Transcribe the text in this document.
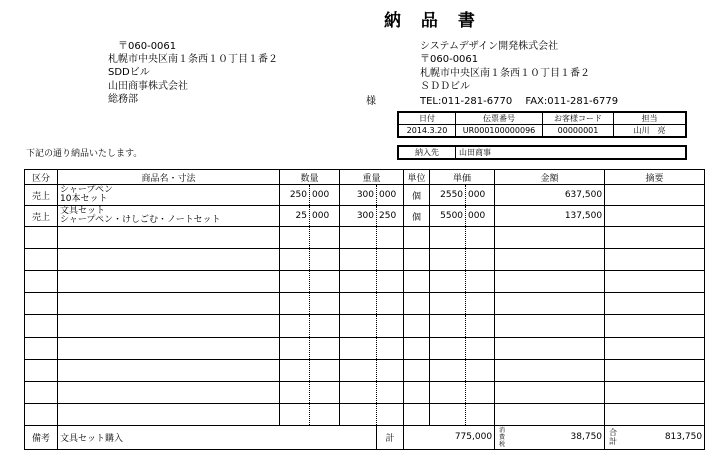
納 品 書
〒060-0061
札幌市中央区南１条西１０丁目１番２
SDDビル
山田商事株式会社
総務部	様
システムデザイン開発株式会社
〒060-0061
札幌市中央区南１条西１０丁目１番２
ＳＤＤビル
TEL:011-281-6770　 FAX:011-281-6779
日付	伝票番号	お客様コード	担当
2014.3.20	UR000100000096	00000001	山川　亮
下記の通り納品いたします。	納入先	山田商事
区分	商品名・寸法	数量		重量		単位	単価		金額	摘要
売上	シャープペン
10本セット	250	000	300	000	個	2550	000	637,500	
売上	文具セット
シャープペン・けしごむ・ノートセット	25	000	300	250	個	5500	000	137,500	

備考	文具セット購入				計	775,000			消費税
38,750	合計 813,750
